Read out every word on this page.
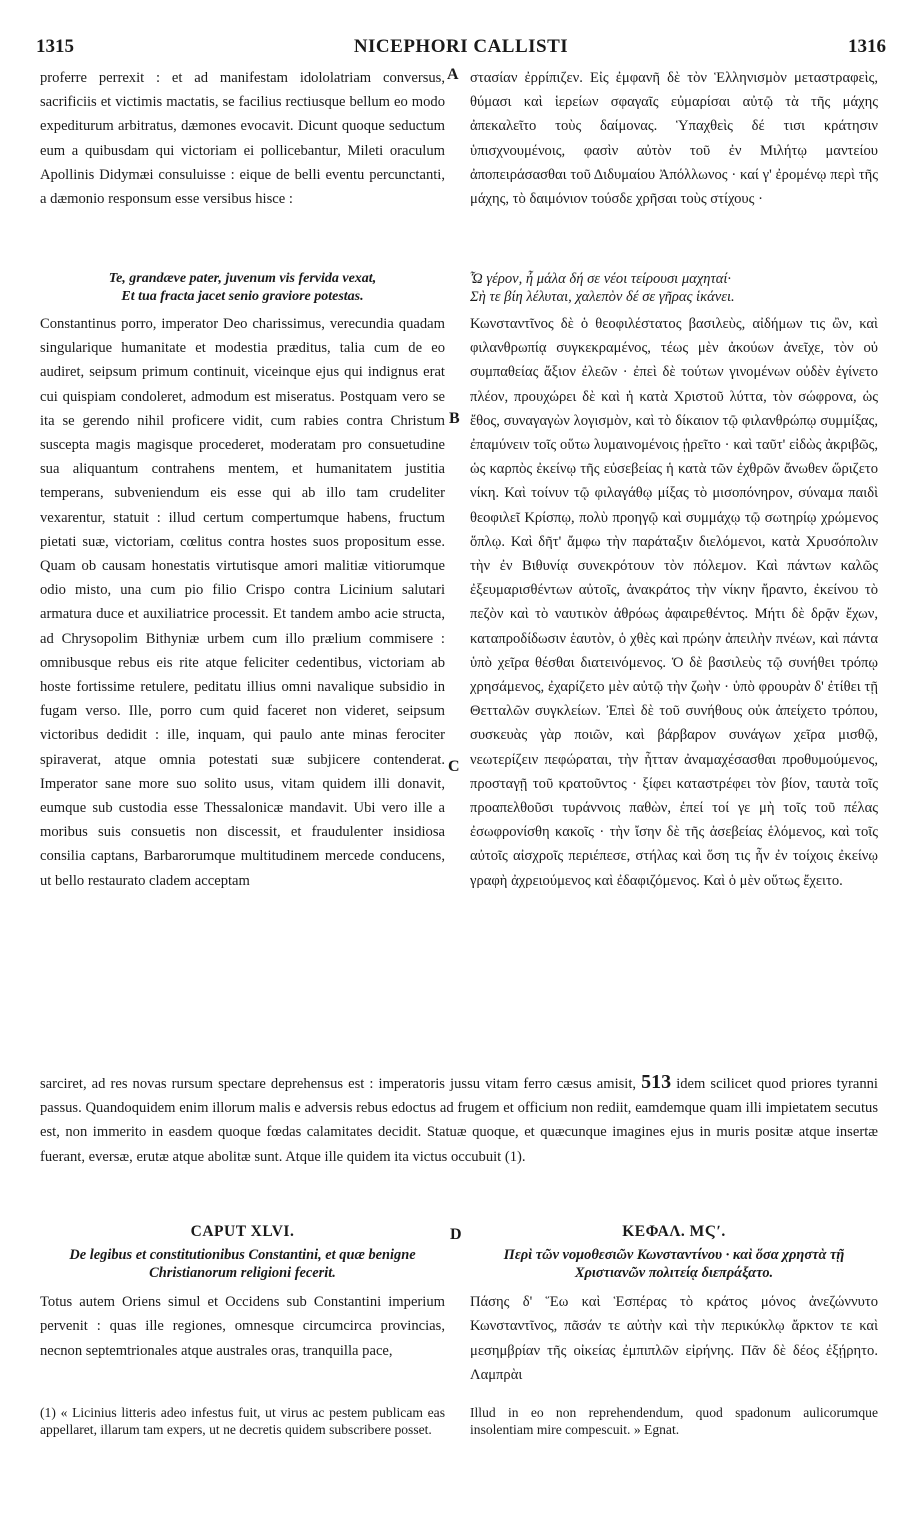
1315	NICEPHORI CALLISTI	1316
A
B
C
D
proferre perrexit : et ad manifestam idololatriam conversus, sacrificiis et victimis mactatis, se facilius rectiusque bellum eo modo expediturum arbitratus, dæmones evocavit. Dicunt quoque seductum eum a quibusdam qui victoriam ei pollicebantur, Mileti oraculum Apollinis Didymæi consuluisse : eique de belli eventu percunctanti, a dæmonio responsum esse versibus hisce :
Te, grandæve pater, juvenum vis fervida vexat,
Et tua fracta jacet senio graviore potestas.
Constantinus porro, imperator Deo charissimus, verecundia quadam singularique humanitate et modestia præditus, talia cum de eo audiret, seipsum primum continuit, viceinque ejus qui indignus erat cui quispiam condoleret, admodum est miseratus. Postquam vero se ita se gerendo nihil proficere vidit, cum rabies contra Christum suscepta magis magisque procederet, moderatam pro consuetudine sua aliquantum contrahens mentem, et humanitatem justitia temperans, subveniendum eis esse qui ab illo tam crudeliter vexarentur, statuit : illud certum compertumque habens, fructum pietati suæ, victoriam, cœlitus contra hostes suos propositum esse. Quam ob causam honestatis virtutisque amori malitiæ vitiorumque odio misto, una cum pio filio Crispo contra Licinium salutari armatura duce et auxiliatrice processit. Et tandem ambo acie structa, ad Chrysopolim Bithyniæ urbem cum illo prælium commisere : omnibusque rebus eis rite atque feliciter cedentibus, victoriam ab hoste fortissime retulere, peditatu illius omni navalique subsidio in fugam verso. Ille, porro cum quid faceret non videret, seipsum victoribus dedidit : ille, inquam, qui paulo ante minas ferociter spiraverat, atque omnia potestati suæ subjicere contenderat. Imperator sane more suo solito usus, vitam quidem illi donavit, eumque sub custodia esse Thessalonicæ mandavit. Ubi vero ille a moribus suis consuetis non discessit, et fraudulenter insidiosa consilia captans, Barbarorumque multitudinem mercede conducens, ut bello restaurato cladem acceptam
στασίαν ἐρρίπιζεν. Εἰς ἐμφανῆ δὲ τὸν Ἑλληνισμὸν μεταστραφεὶς, θύμασι καὶ ἱερείων σφαγαῖς εὐμαρίσαι αὐτῷ τὰ τῆς μάχης ἀπεκαλεῖτο τοὺς δαίμονας. Ὑπαχθεὶς δέ τισι κράτησιν ὑπισχνουμένοις, φασὶν αὐτὸν τοῦ ἐν Μιλήτῳ μαντείου ἀποπειράσασθαι τοῦ Διδυμαίου Ἀπόλλωνος · καί γ' ἐρομένῳ περὶ τῆς μάχης, τὸ δαιμόνιον τούσδε χρῆσαι τοὺς στίχους ·
Ὦ γέρον, ἦ μάλα δή σε νέοι τείρουσι μαχηταί·
Σὴ τε βίη λέλυται, χαλεπὸν δέ σε γῆρας ἱκάνει.
Κωνσταντῖνος δὲ ὁ θεοφιλέστατος βασιλεὺς, αἰδήμων τις ὢν, καὶ φιλανθρωπίᾳ συγκεκραμένος, τέως μὲν ἀκούων ἀνεῖχε, τὸν οὐ συμπαθείας ἄξιον ἐλεῶν · ἐπεὶ δὲ τούτων γινομένων οὐδὲν ἐγίνετο πλέον, προυχώρει δὲ καὶ ἡ κατὰ Χριστοῦ λύττα, τὸν σώφρονα, ὡς ἔθος, συναγαγὼν λογισμὸν, καὶ τὸ δίκαιον τῷ φιλανθρώπῳ συμμίξας, ἐπαμύνειν τοῖς οὕτω λυμαινομένοις ᾑρεῖτο · καὶ ταῦτ' εἰδὼς ἀκριβῶς, ὡς καρπὸς ἐκείνῳ τῆς εὐσεβείας ἡ κατὰ τῶν ἐχθρῶν ἄνωθεν ὥριζετο νίκη. Καὶ τοίνυν τῷ φιλαγάθῳ μίξας τὸ μισοπόνηρον, σύναμα παιδὶ θεοφιλεῖ Κρίσπῳ, πολὺ προηγῷ καὶ συμμάχῳ τῷ σωτηρίῳ χρώμενος ὅπλῳ. Καὶ δῆτ' ἄμφω τὴν παράταξιν διελόμενοι, κατὰ Χρυσόπολιν τὴν ἐν Βιθυνίᾳ συνεκρότουν τὸν πόλεμον. Καὶ πάντων καλῶς ἐξευμαρισθέντων αὐτοῖς, ἀνακράτος τὴν νίκην ἤραντο, ἐκείνου τὸ πεζὸν καὶ τὸ ναυτικὸν ἀθρόως ἀφαιρεθέντος. Μήτι δὲ δρᾷν ἔχων, καταπροδίδωσιν ἑαυτὸν, ὁ χθὲς καὶ πρώην ἀπειλὴν πνέων, καὶ πάντα ὑπὸ χεῖρα θέσθαι διατεινόμενος. Ὁ δὲ βασιλεὺς τῷ συνήθει τρόπῳ χρησάμενος, ἐχαρίζετο μὲν αὐτῷ τὴν ζωὴν · ὑπὸ φρουρὰν δ' ἐτίθει τῇ Θετταλῶν συγκλείων. Ἐπεὶ δὲ τοῦ συνήθους οὐκ ἀπείχετο τρόπου, συσκευὰς γὰρ ποιῶν, καὶ βάρβαρον συνάγων χεῖρα μισθῷ, νεωτερίζειν πεφώραται, τὴν ἧτταν ἀναμαχέσασθαι προθυμούμενος, προσταγῇ τοῦ κρατοῦντος · ξίφει καταστρέφει τὸν βίον, ταυτὰ τοῖς προαπελθοῦσι τυράννοις παθὼν, ἐπεί τοί γε μὴ τοῖς τοῦ πέλας ἐσωφρονίσθη κακοῖς · τὴν ἴσην δὲ τῆς ἀσεβείας ἑλόμενος, καὶ τοῖς αὐτοῖς αἰσχροῖς περιέπεσε, στήλας καὶ ὅση τις ἦν ἐν τοίχοις ἐκείνῳ γραφὴ ἀχρειούμενος καὶ ἐδαφιζόμενος. Καὶ ὁ μὲν οὕτως ἔχειτο.
sarciret, ad res novas rursum spectare deprehensus est : imperatoris jussu vitam ferro cæsus amisit, 513 idem scilicet quod priores tyranni passus. Quandoquidem enim illorum malis e adversis rebus edoctus ad frugem et officium non rediit, eamdemque quam illi impietatem secutus est, non immerito in easdem quoque fœdas calamitates decidit. Statuæ quoque, et quæcunque imagines ejus in muris positæ atque insertæ fuerant, eversæ, erutæ atque abolitæ sunt. Atque ille quidem ita victus occubuit (1).
CAPUT XLVI.
De legibus et constitutionibus Constantini, et quæ benigne Christianorum religioni fecerit.
Totus autem Oriens simul et Occidens sub Constantini imperium pervenit : quas ille regiones, omnesque circumcirca provincias, necnon septemtrionales atque australes oras, tranquilla pace,
(1) « Licinius litteris adeo infestus fuit, ut virus ac pestem publicam eas appellaret, illarum tam expers, ut ne decretis quidem subscribere posset.
ΚΕΦΑΛ. ΜϚʹ.
Περὶ τῶν νομοθεσιῶν Κωνσταντίνου · καὶ ὅσα χρηστὰ τῇ Χριστιανῶν πολιτείᾳ διεπράξατο.
Πάσης δ' Ἕω καὶ Ἑσπέρας τὸ κράτος μόνος ἀνεζώννυτο Κωνσταντῖνος, πᾶσάν τε αὐτὴν καὶ τὴν περικύκλῳ ἄρκτον τε καὶ μεσημβρίαν τῆς οἰκείας ἐμπιπλῶν εἰρήνης. Πᾶν δὲ δέος ἐξῄρητο. Λαμπρὰι
Illud in eo non reprehendendum, quod spadonum aulicorumque insolentiam mire compescuit. » Egnat.
